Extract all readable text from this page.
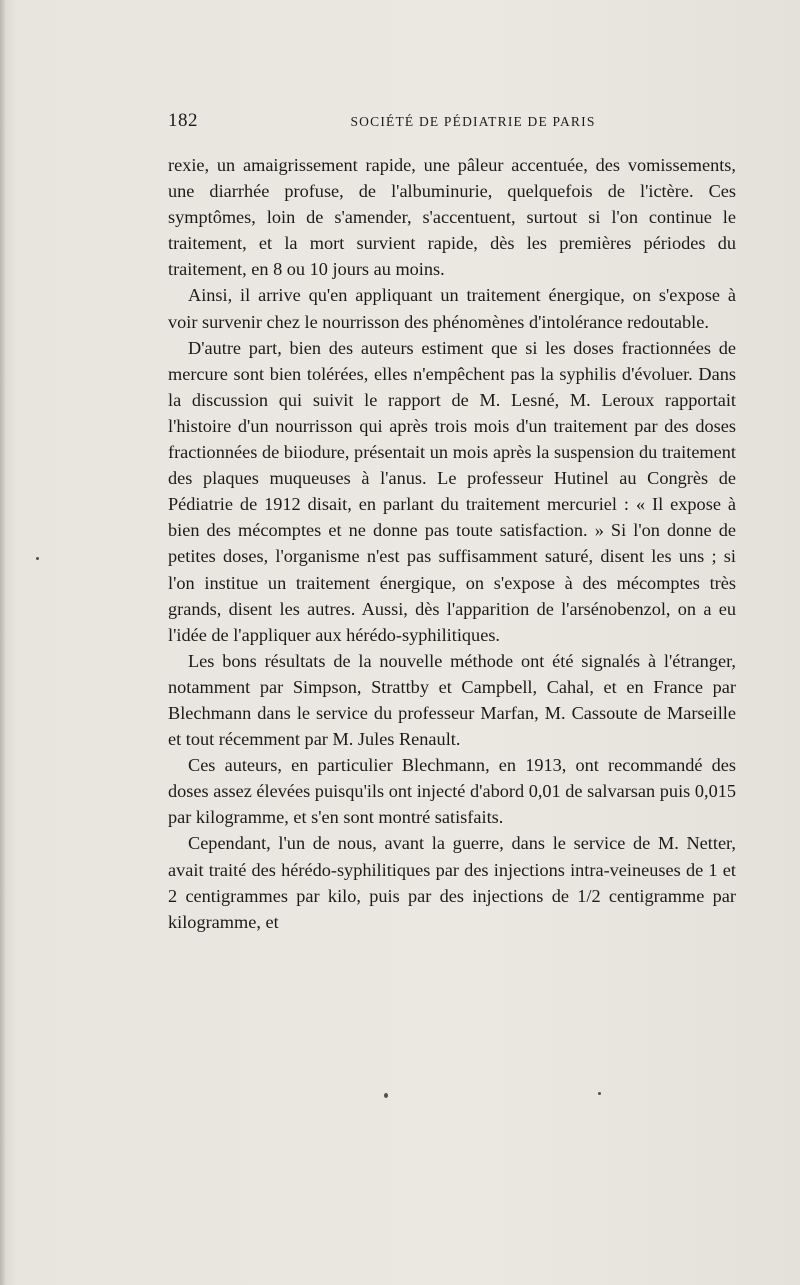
182	SOCIÉTÉ DE PÉDIATRIE DE PARIS

rexie, un amaigrissement rapide, une pâleur accentuée, des vomissements, une diarrhée profuse, de l'albuminurie, quelquefois de l'ictère. Ces symptômes, loin de s'amender, s'accentuent, surtout si l'on continue le traitement, et la mort survient rapide, dès les premières périodes du traitement, en 8 ou 10 jours au moins.

Ainsi, il arrive qu'en appliquant un traitement énergique, on s'expose à voir survenir chez le nourrisson des phénomènes d'intolérance redoutable.

D'autre part, bien des auteurs estiment que si les doses fractionnées de mercure sont bien tolérées, elles n'empêchent pas la syphilis d'évoluer. Dans la discussion qui suivit le rapport de M. Lesné, M. Leroux rapportait l'histoire d'un nourrisson qui après trois mois d'un traitement par des doses fractionnées de biiodure, présentait un mois après la suspension du traitement des plaques muqueuses à l'anus. Le professeur Hutinel au Congrès de Pédiatrie de 1912 disait, en parlant du traitement mercuriel : « Il expose à bien des mécomptes et ne donne pas toute satisfaction. » Si l'on donne de petites doses, l'organisme n'est pas suffisamment saturé, disent les uns ; si l'on institue un traitement énergique, on s'expose à des mécomptes très grands, disent les autres. Aussi, dès l'apparition de l'arsénobenzol, on a eu l'idée de l'appliquer aux hérédo-syphilitiques.

Les bons résultats de la nouvelle méthode ont été signalés à l'étranger, notamment par Simpson, Strattby et Campbell, Cahal, et en France par Blechmann dans le service du professeur Marfan, M. Cassoute de Marseille et tout récemment par M. Jules Renault.

Ces auteurs, en particulier Blechmann, en 1913, ont recommandé des doses assez élevées puisqu'ils ont injecté d'abord 0,01 de salvarsan puis 0,015 par kilogramme, et s'en sont montré satisfaits.

Cependant, l'un de nous, avant la guerre, dans le service de M. Netter, avait traité des hérédo-syphilitiques par des injections intra-veineuses de 1 et 2 centigrammes par kilo, puis par des injections de 1/2 centigramme par kilogramme, et
